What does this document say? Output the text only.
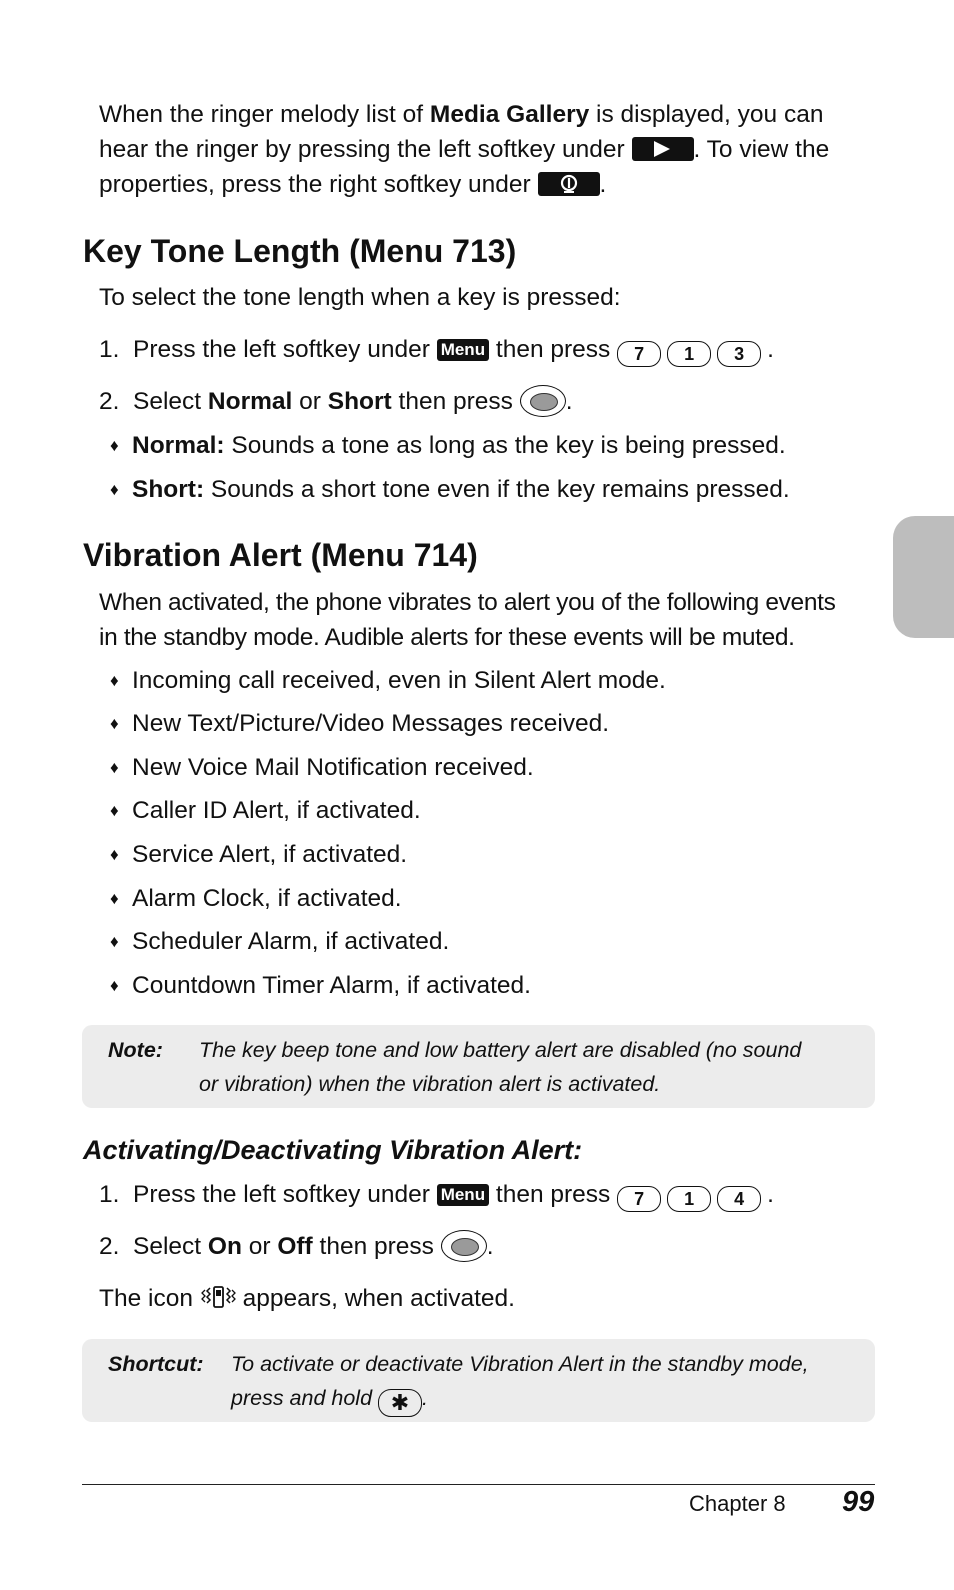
When the ringer melody list of Media Gallery is displayed, you can
hear the ringer by pressing the left softkey under	. To view the
properties, press the right softkey under	.
Key Tone Length (Menu 713)
To select the tone length when a key is pressed:
1. Press the left softkey under Menu then press 7 1 3 .
2. Select Normal or Short then press .
♦ Normal: Sounds a tone as long as the key is being pressed.
♦ Short: Sounds a short tone even if the key remains pressed.
Vibration Alert (Menu 714)
When activated, the phone vibrates to alert you of the following events
in the standby mode. Audible alerts for these events will be muted.
♦ Incoming call received, even in Silent Alert mode.
♦ New Text/Picture/Video Messages received.
♦ New Voice Mail Notification received.
♦ Caller ID Alert, if activated.
♦ Service Alert, if activated.
♦ Alarm Clock, if activated.
♦ Scheduler Alarm, if activated.
♦ Countdown Timer Alarm, if activated.
Note: The key beep tone and low battery alert are disabled (no sound
or vibration) when the vibration alert is activated.
Activating/Deactivating Vibration Alert:
1. Press the left softkey under Menu then press 7 1 4 .
2. Select On or Off then press .
The icon  appears, when activated.
Shortcut: To activate or deactivate Vibration Alert in the standby mode,
press and hold ✱ .
Chapter 8 99
